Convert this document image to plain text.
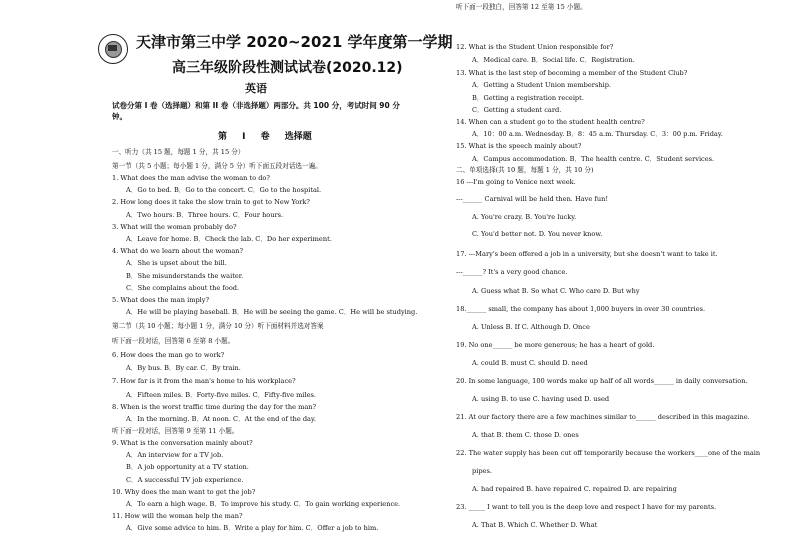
天津市第三中学 2020~2021 学年度第一学期
高三年级阶段性测试试卷(2020.12)
英语
试卷分第 I 卷（选择题）和第 II 卷（非选择题）两部分。共 100 分，考试时间 90 分
钟。
第 I 卷 选择题
一、听力（共 15 题，每题 1 分，共 15 分）
第一节（共 5 小题；每小题 1 分，满分 5 分）听下面五段对话选一遍。
1. What does the man advise the woman to do?
A．Go to bed. B．Go to the concert. C．Go to the hospital.
2. How long does it take the slow train to get to New York?
A．Two hours. B．Three hours. C．Four hours.
3. What will the woman probably do?
A．Leave for home. B．Check the lab. C．Do her experiment.
4. What do we learn about the woman?
A．She is upset about the bill.
B．She misunderstands the waiter.
C．She complains about the food.
5. What does the man imply?
A．He will be playing baseball. B．He will be seeing the game. C．He will be studying.
第二节（共 10 小题；每小题 1 分，满分 10 分）听下面材料并选对答案
听下面一段对话，回答第 6 至第 8 小题。
6. How does the man go to work?
A．By bus. B．By car. C．By train.
7. How far is it from the man's home to his workplace?
A．Fifteen miles. B．Forty-five miles. C．Fifty-five miles.
8. When is the worst traffic time during the day for the man?
A．In the morning. B．At noon. C．At the end of the day.
听下面一段对话，回答第 9 至第 11 小题。
9. What is the conversation mainly about?
A．An interview for a TV job.
B．A job opportunity at a TV station.
C．A successful TV job experience.
10. Why does the man want to get the job?
A．To earn a high wage. B．To improve his study. C．To gain working experience.
11. How will the woman help the man?
A．Give some advice to him. B．Write a play for him. C．Offer a job to him.
听下面一段独白，回答第 12 至第 15 小题。
12. What is the Student Union responsible for?
A．Medical care. B．Social life. C．Registration.
13. What is the last step of becoming a member of the Student Club?
A．Getting a Student Union membership.
B．Getting a registration receipt.
C．Getting a student card.
14. When can a student go to the student health centre?
A．10：00 a.m. Wednesday. B．8：45 a.m. Thursday. C．3：00 p.m. Friday.
15. What is the speech mainly about?
A．Campus accommodation. B．The health centre. C．Student services.
二、单项选择(共 10 题，每题 1 分，共 10 分)
16 ---I'm going to Venice next week.
---______ Carnival will be held then. Have fun!
A. You're crazy. B. You're lucky.
C. You'd better not. D. You never know.
17. ---Mary's been offered a job in a university, but she doesn't want to take it.
---______? It's a very good chance.
A. Guess what B. So what C. Who care D. But why
18.______ small, the company has about 1,000 buyers in over 30 countries.
A. Unless B. If C. Although D. Once
19. No one______ be more generous; he has a heart of gold.
A. could B. must C. should D. need
20. In some language, 100 words make up half of all words______ in daily conversation.
A. using B. to use C. having used D. used
21. At our factory there are a few machines similar to______ described in this magazine.
A. that B. them C. those D. ones
22. The water supply has been cut off temporarily because the workers____one of the main
pipes.
A. had repaired B. have repaired C. repaired D. are repairing
23. _____ I want to tell you is the deep love and respect I have for my parents.
A. That B. Which C. Whether D. What
